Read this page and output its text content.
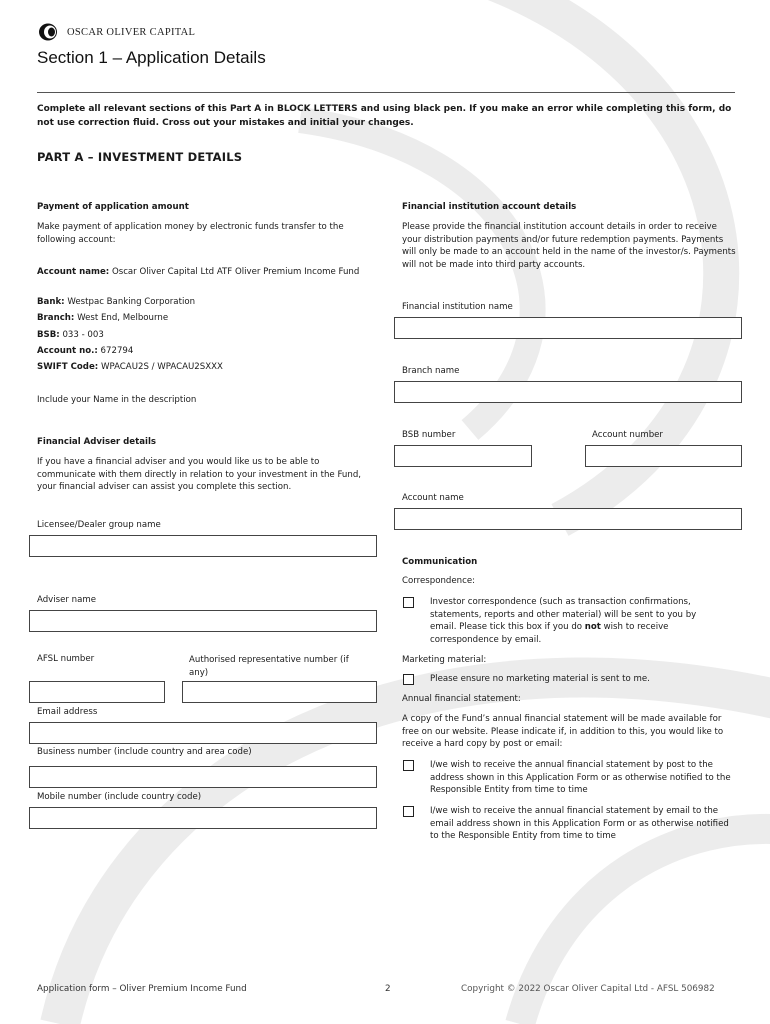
OSCAR OLIVER CAPITAL
Section 1 – Application Details
Complete all relevant sections of this Part A in BLOCK LETTERS and using black pen. If you make an error while completing this form, do not use correction fluid. Cross out your mistakes and initial your changes.
PART A – INVESTMENT DETAILS
Payment of application amount
Make payment of application money by electronic funds transfer to the following account:
Account name: Oscar Oliver Capital Ltd ATF Oliver Premium Income Fund
Bank: Westpac Banking Corporation
Branch: West End, Melbourne
BSB: 033 - 003
Account no.: 672794
SWIFT Code: WPACAU2S / WPACAU2SXXX
Include your Name in the description
Financial Adviser details
If you have a financial adviser and you would like us to be able to communicate with them directly in relation to your investment in the Fund, your financial adviser can assist you complete this section.
Licensee/Dealer group name
Adviser name
AFSL number	Authorised representative number (if any)
Email address
Business number (include country and area code)
Mobile number (include country code)
Financial institution account details
Please provide the financial institution account details in order to receive your distribution payments and/or future redemption payments. Payments will only be made to an account held in the name of the investor/s. Payments will not be made into third party accounts.
Financial institution name
Branch name
BSB number	Account number
Account name
Communication
Correspondence:
Investor correspondence (such as transaction confirmations, statements, reports and other material) will be sent to you by email. Please tick this box if you do not wish to receive correspondence by email.
Marketing material:
Please ensure no marketing material is sent to me.
Annual financial statement:
A copy of the Fund’s annual financial statement will be made available for free on our website. Please indicate if, in addition to this, you would like to receive a hard copy by post or email:
I/we wish to receive the annual financial statement by post to the address shown in this Application Form or as otherwise notified to the Responsible Entity from time to time
I/we wish to receive the annual financial statement by email to the email address shown in this Application Form or as otherwise notified to the Responsible Entity from time to time
Application form – Oliver Premium Income Fund	2	Copyright © 2022 Oscar Oliver Capital Ltd - AFSL 506982
